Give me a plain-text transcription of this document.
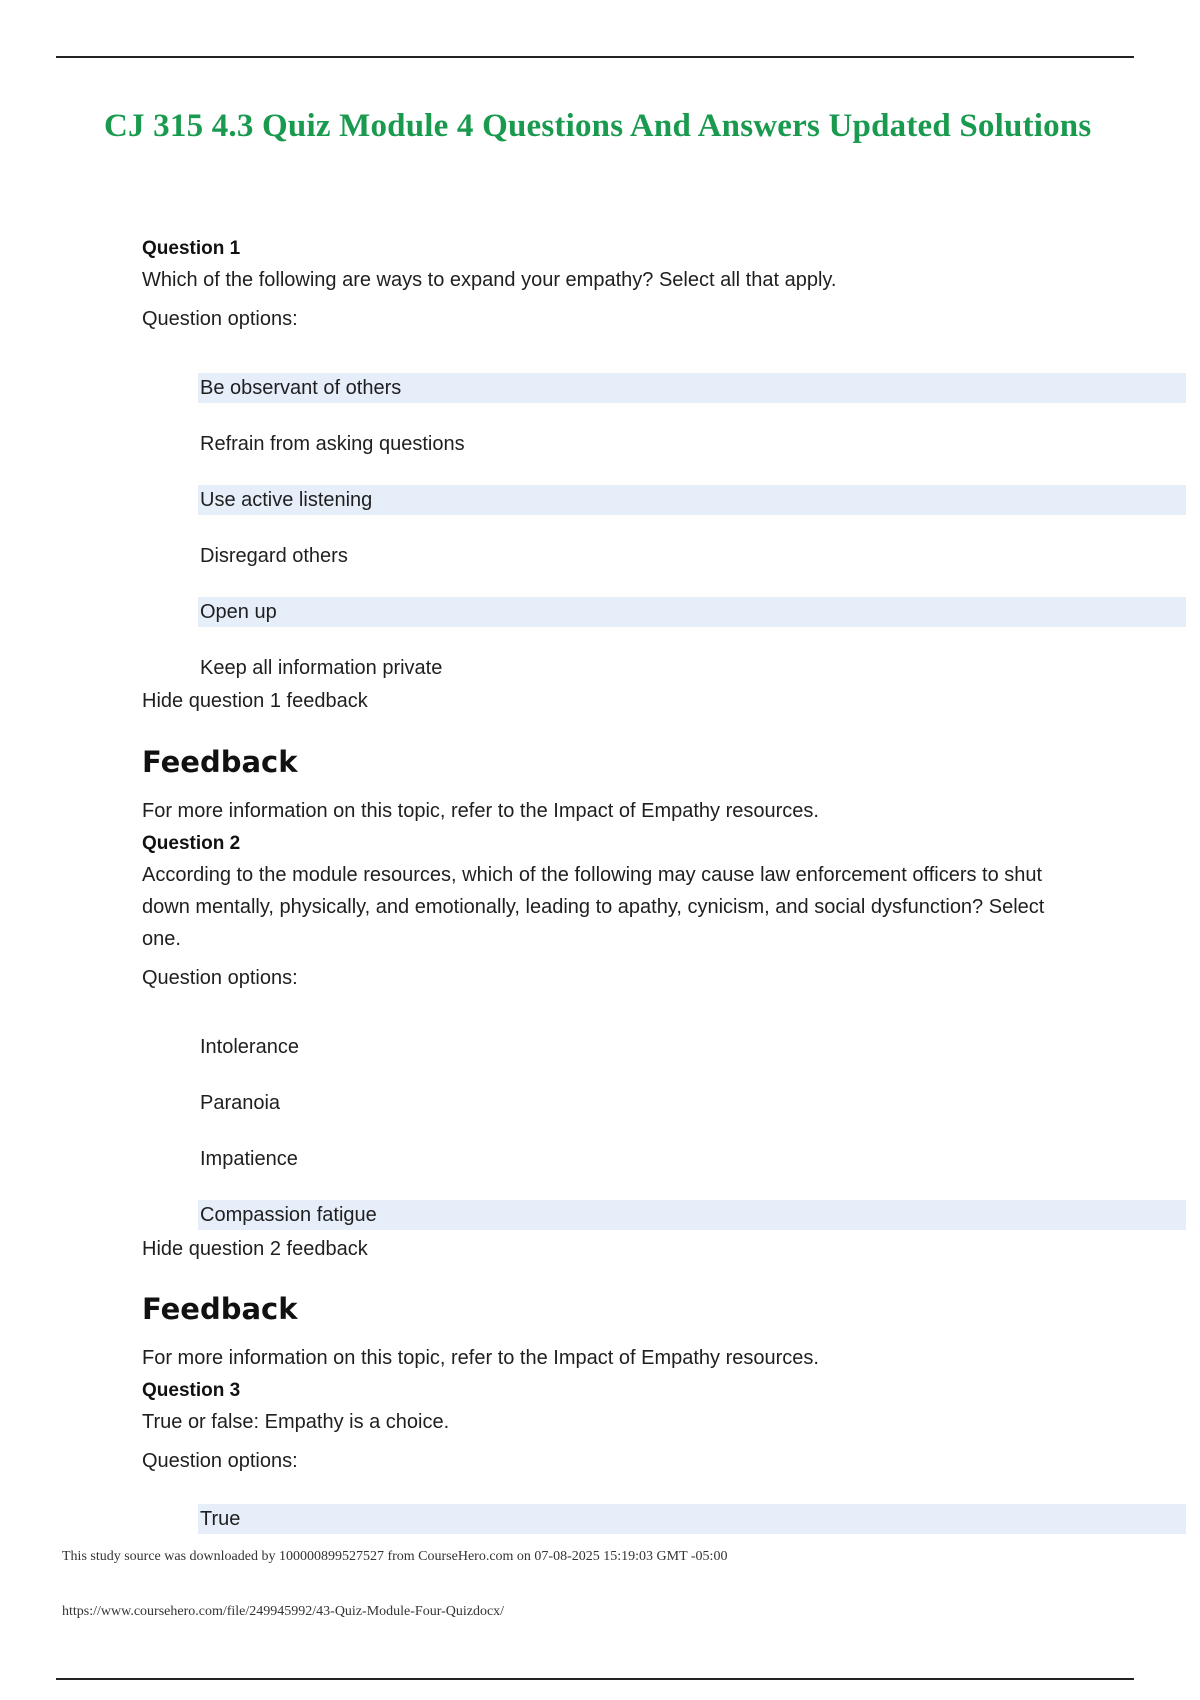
CJ 315 4.3 Quiz Module 4 Questions And Answers Updated Solutions

Question 1

Which of the following are ways to expand your empathy? Select all that apply.

Question options:

Be observant of others
Refrain from asking questions
Use active listening
Disregard others
Open up
Keep all information private

Hide question 1 feedback

Feedback

For more information on this topic, refer to the Impact of Empathy resources.

Question 2

According to the module resources, which of the following may cause law enforcement officers to shut down mentally, physically, and emotionally, leading to apathy, cynicism, and social dysfunction? Select one.

Question options:

Intolerance
Paranoia
Impatience
Compassion fatigue

Hide question 2 feedback

Feedback

For more information on this topic, refer to the Impact of Empathy resources.

Question 3

True or false: Empathy is a choice.

Question options:

True

This study source was downloaded by 100000899527527 from CourseHero.com on 07-08-2025 15:19:03 GMT -05:00

https://www.coursehero.com/file/249945992/43-Quiz-Module-Four-Quizdocx/
